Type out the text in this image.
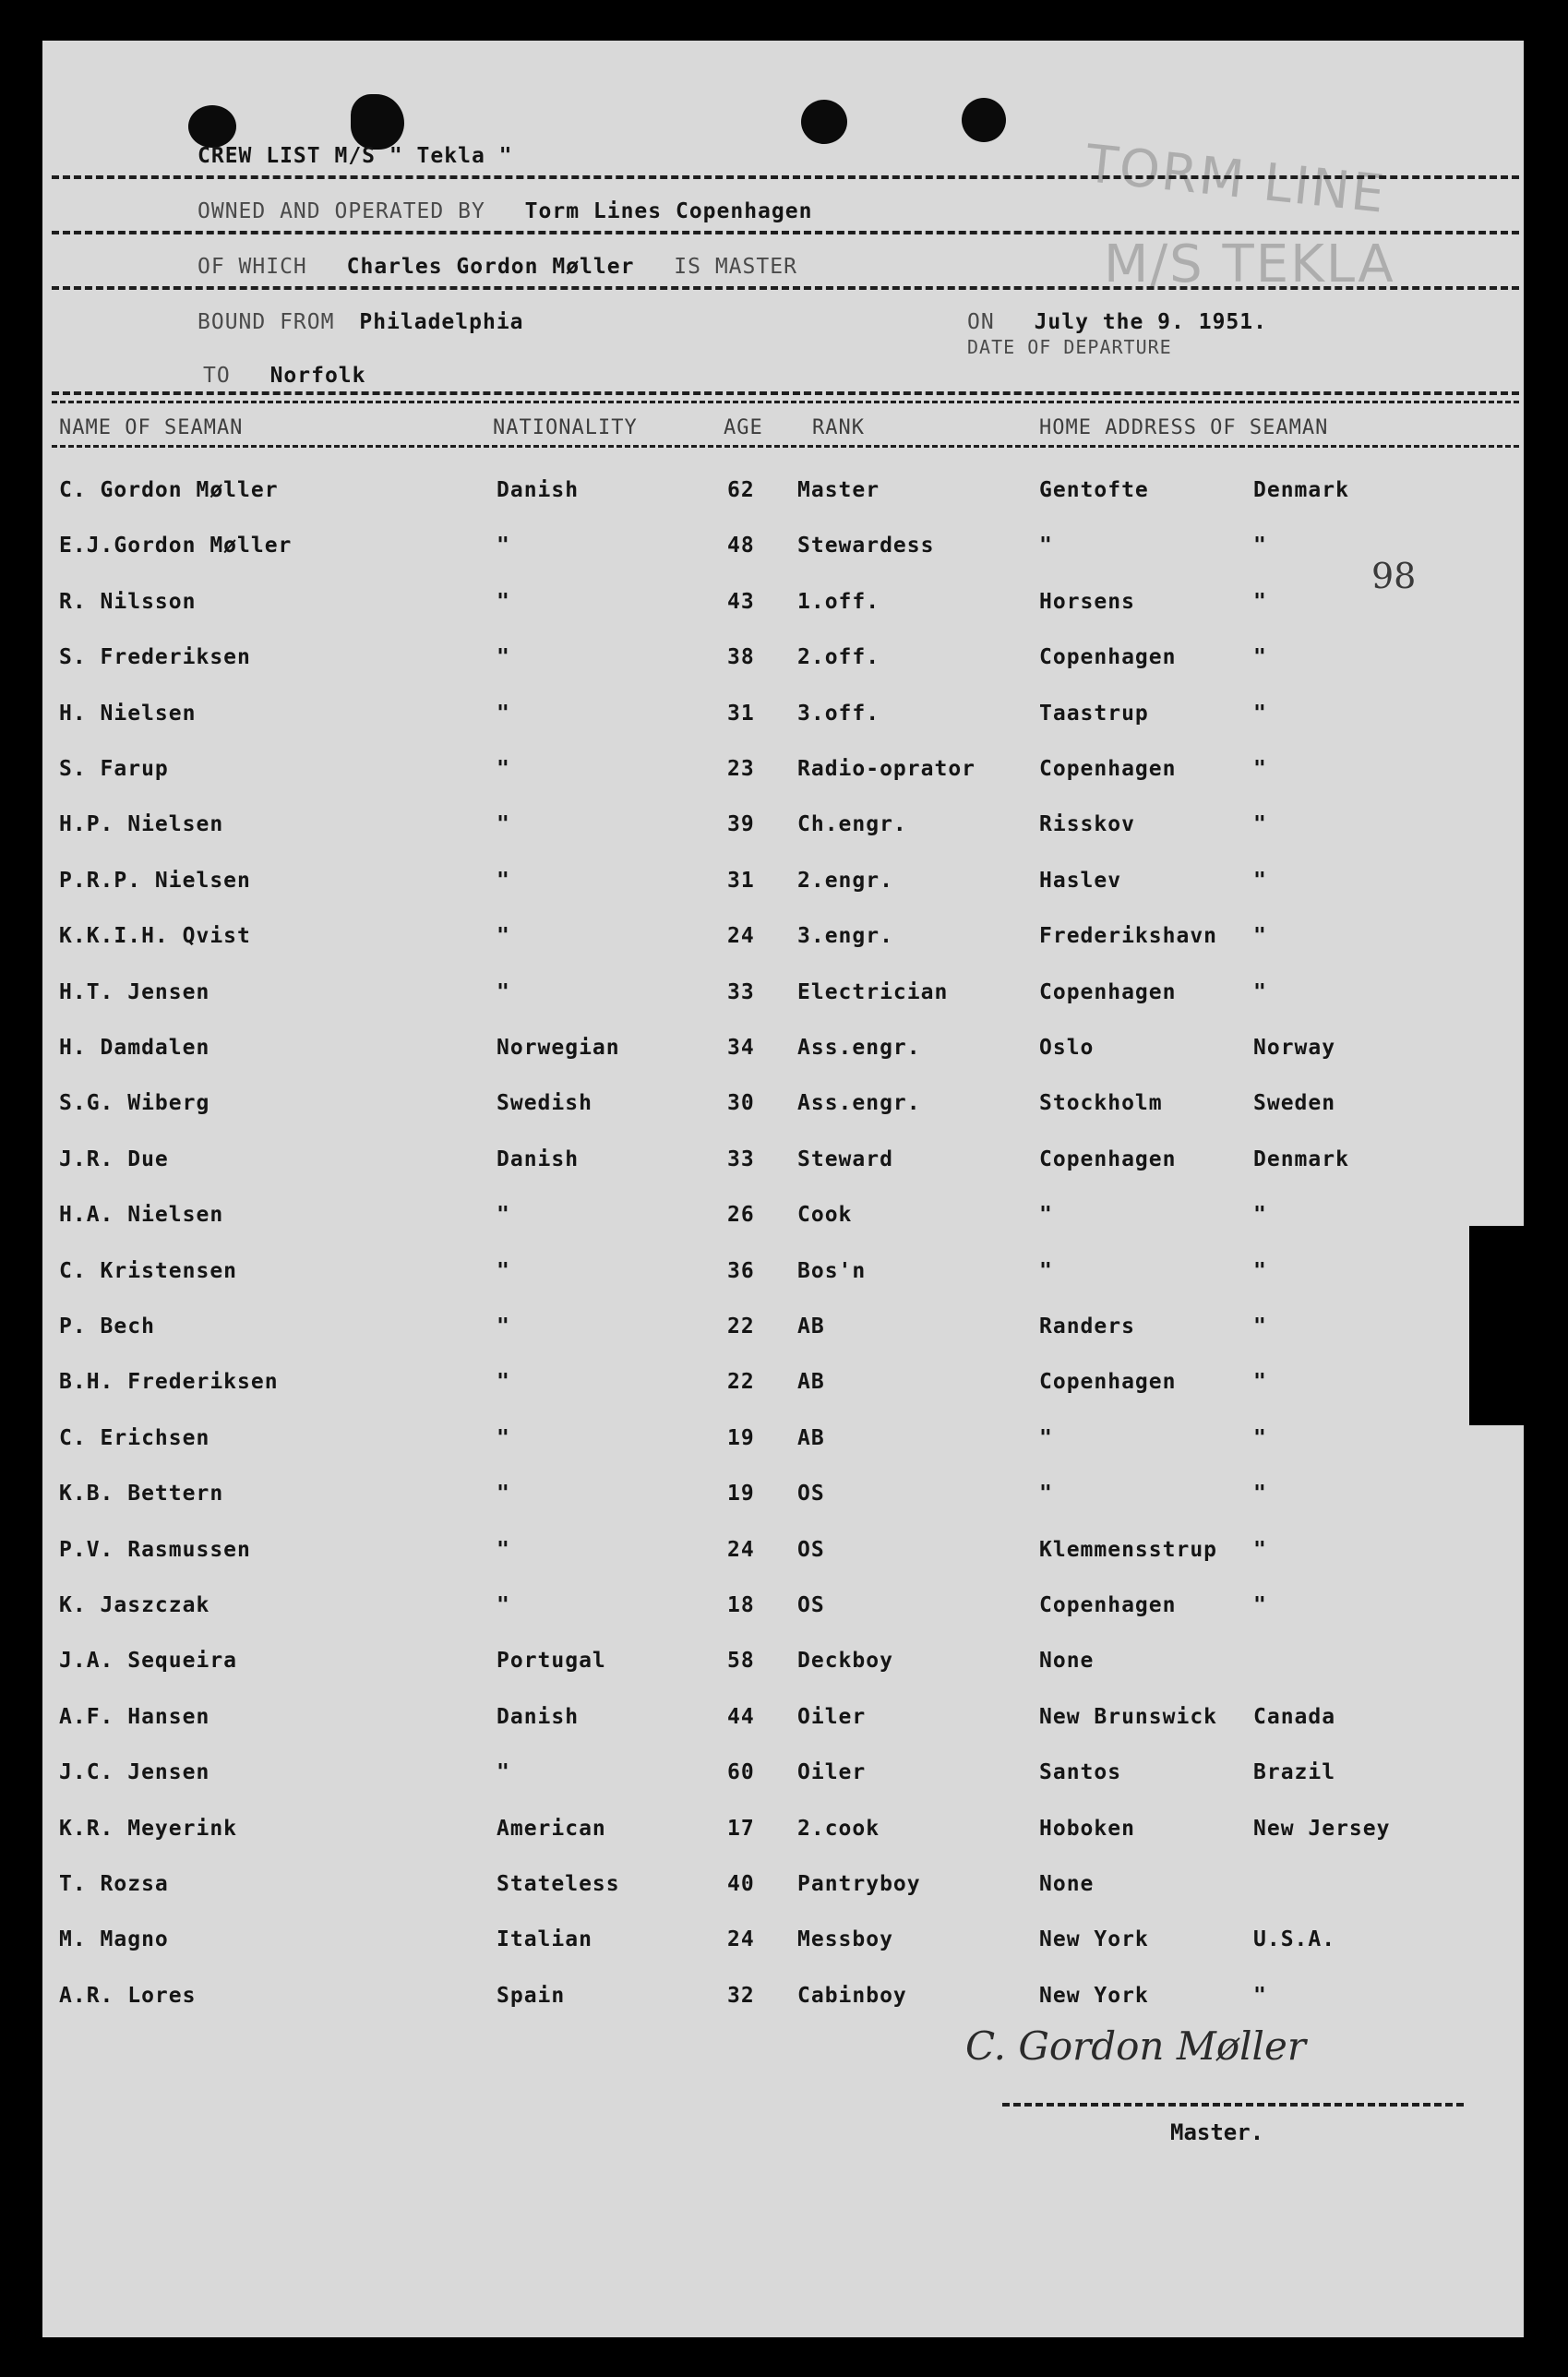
TORM LINE
M/S TEKLA
CREW LIST M/S " Tekla "
OWNED AND OPERATED BY Torm Lines Copenhagen
OF WHICH Charles Gordon Møller IS MASTER
BOUND FROM Philadelphia	ON July the 9. 1951.
DATE OF DEPARTURE
TO Norfolk
NAME OF SEAMAN	NATIONALITY	AGE RANK	HOME ADDRESS OF SEAMAN
C. Gordon Møller	Danish	62 Master	Gentofte	Denmark
E.J.Gordon Møller	"	48 Stewardess	"	"
R. Nilsson	"	43 1.off.	Horsens	"
S. Frederiksen	"	38 2.off.	Copenhagen	"
H. Nielsen	"	31 3.off.	Taastrup	"
S. Farup	"	23 Radio-oprator	Copenhagen	"
H.P. Nielsen	"	39 Ch.engr.	Risskov	"
P.R.P. Nielsen	"	31 2.engr.	Haslev	"
K.K.I.H. Qvist	"	24 3.engr.	Frederikshavn "
H.T. Jensen	"	33 Electrician	Copenhagen	"
H. Damdalen	Norwegian	34 Ass.engr.	Oslo	Norway
S.G. Wiberg	Swedish	30 Ass.engr.	Stockholm	Sweden
J.R. Due	Danish	33 Steward	Copenhagen	Denmark
H.A. Nielsen	"	26 Cook	"	"
C. Kristensen	"	36 Bos'n	"	"
P. Bech	"	22 AB	Randers	"
B.H. Frederiksen	"	22 AB	Copenhagen	"
C. Erichsen	"	19 AB	"	"
K.B. Bettern	"	19 OS	"	"
P.V. Rasmussen	"	24 OS	Klemmensstrup "
K. Jaszczak	"	18 OS	Copenhagen	"
J.A. Sequeira	Portugal	58 Deckboy	None
A.F. Hansen	Danish	44 Oiler	New Brunswick Canada
J.C. Jensen	"	60 Oiler	Santos	Brazil
K.R. Meyerink	American	17 2.cook	Hoboken	New Jersey
T. Rozsa	Stateless	40 Pantryboy	None
M. Magno	Italian	24 Messboy	New York	U.S.A.
A.R. Lores	Spain	32 Cabinboy	New York	"
98
C. Gordon Møller
Master.
